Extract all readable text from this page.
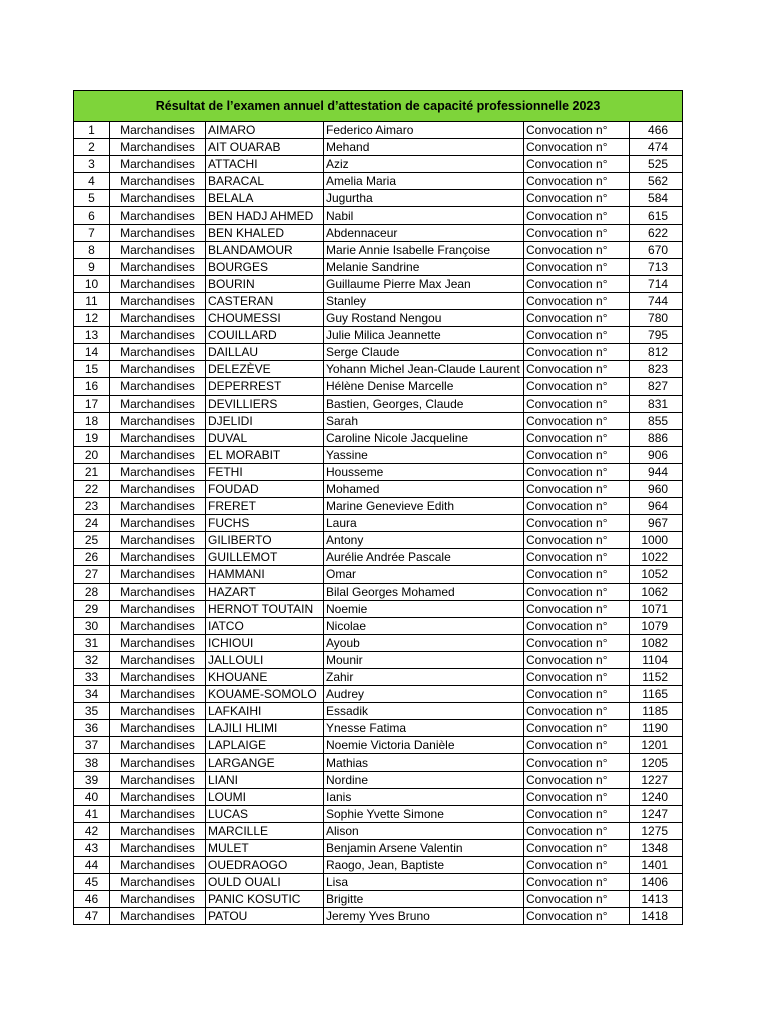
Résultat de l’examen annuel d’attestation de capacité professionnelle 2023					
1	Marchandises	AIMARO	Federico Aimaro	Convocation n°	466
2	Marchandises	AIT OUARAB	Mehand	Convocation n°	474
3	Marchandises	ATTACHI	Aziz	Convocation n°	525
4	Marchandises	BARACAL	Amelia Maria	Convocation n°	562
5	Marchandises	BELALA	Jugurtha	Convocation n°	584
6	Marchandises	BEN HADJ AHMED	Nabil	Convocation n°	615
7	Marchandises	BEN KHALED	Abdennaceur	Convocation n°	622
8	Marchandises	BLANDAMOUR	Marie Annie Isabelle Françoise	Convocation n°	670
9	Marchandises	BOURGES	Melanie Sandrine	Convocation n°	713
10	Marchandises	BOURIN	Guillaume Pierre Max Jean	Convocation n°	714
11	Marchandises	CASTERAN	Stanley	Convocation n°	744
12	Marchandises	CHOUMESSI	Guy Rostand Nengou	Convocation n°	780
13	Marchandises	COUILLARD	Julie Milica Jeannette	Convocation n°	795
14	Marchandises	DAILLAU	Serge Claude	Convocation n°	812
15	Marchandises	DELEZÈVE	Yohann Michel Jean-Claude Laurent	Convocation n°	823
16	Marchandises	DEPERREST	Hélène Denise Marcelle	Convocation n°	827
17	Marchandises	DEVILLIERS	Bastien, Georges, Claude	Convocation n°	831
18	Marchandises	DJELIDI	Sarah	Convocation n°	855
19	Marchandises	DUVAL	Caroline Nicole Jacqueline	Convocation n°	886
20	Marchandises	EL MORABIT	Yassine	Convocation n°	906
21	Marchandises	FETHI	Housseme	Convocation n°	944
22	Marchandises	FOUDAD	Mohamed	Convocation n°	960
23	Marchandises	FRERET	Marine Genevieve Edith	Convocation n°	964
24	Marchandises	FUCHS	Laura	Convocation n°	967
25	Marchandises	GILIBERTO	Antony	Convocation n°	1000
26	Marchandises	GUILLEMOT	Aurélie Andrée Pascale	Convocation n°	1022
27	Marchandises	HAMMANI	Omar	Convocation n°	1052
28	Marchandises	HAZART	Bilal Georges Mohamed	Convocation n°	1062
29	Marchandises	HERNOT TOUTAIN	Noemie	Convocation n°	1071
30	Marchandises	IATCO	Nicolae	Convocation n°	1079
31	Marchandises	ICHIOUI	Ayoub	Convocation n°	1082
32	Marchandises	JALLOULI	Mounir	Convocation n°	1104
33	Marchandises	KHOUANE	Zahir	Convocation n°	1152
34	Marchandises	KOUAME-SOMOLO	Audrey	Convocation n°	1165
35	Marchandises	LAFKAIHI	Essadik	Convocation n°	1185
36	Marchandises	LAJILI HLIMI	Ynesse Fatima	Convocation n°	1190
37	Marchandises	LAPLAIGE	Noemie Victoria Danièle	Convocation n°	1201
38	Marchandises	LARGANGE	Mathias	Convocation n°	1205
39	Marchandises	LIANI	Nordine	Convocation n°	1227
40	Marchandises	LOUMI	Ianis	Convocation n°	1240
41	Marchandises	LUCAS	Sophie Yvette Simone	Convocation n°	1247
42	Marchandises	MARCILLE	Alison	Convocation n°	1275
43	Marchandises	MULET	Benjamin Arsene Valentin	Convocation n°	1348
44	Marchandises	OUEDRAOGO	Raogo, Jean, Baptiste	Convocation n°	1401
45	Marchandises	OULD OUALI	Lisa	Convocation n°	1406
46	Marchandises	PANIC KOSUTIC	Brigitte	Convocation n°	1413
47	Marchandises	PATOU	Jeremy Yves Bruno	Convocation n°	1418
